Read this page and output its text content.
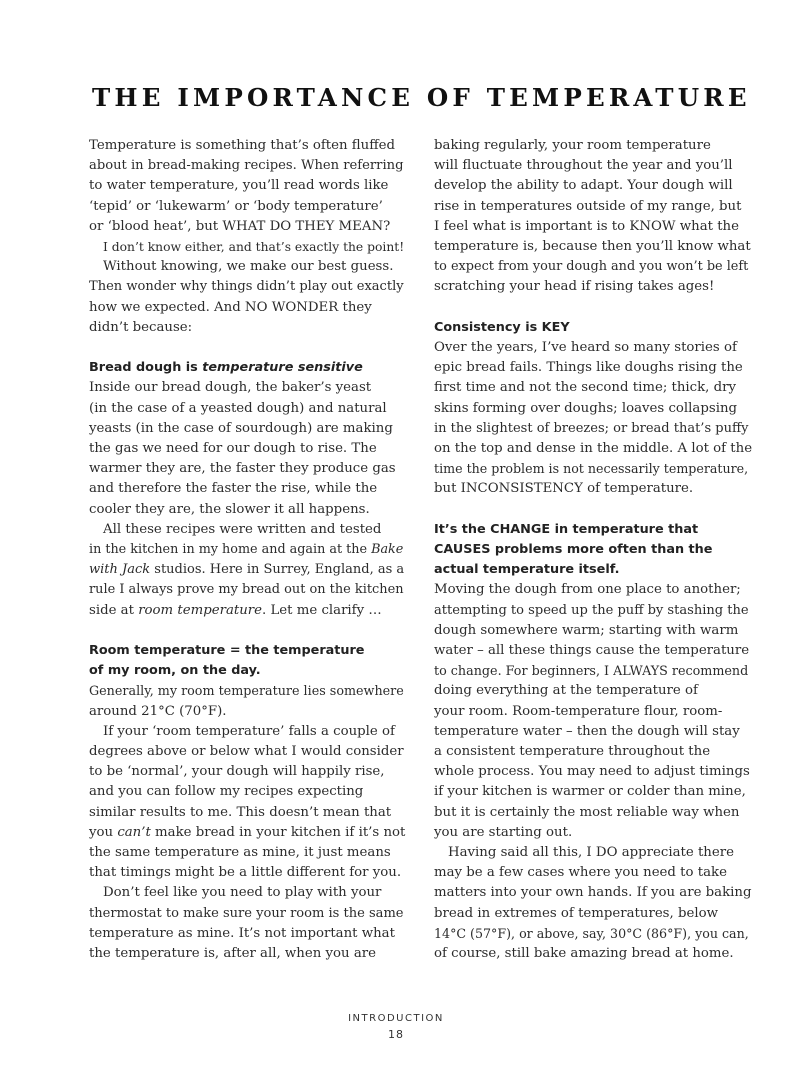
THE IMPORTANCE OF TEMPERATURE
Temperature is something that’s often fluffed
about in bread-making recipes. When referring
to water temperature, you’ll read words like
‘tepid’ or ‘lukewarm’ or ‘body temperature’
or ‘blood heat’, but WHAT DO THEY MEAN?
I don’t know either, and that’s exactly the point!
Without knowing, we make our best guess.
Then wonder why things didn’t play out exactly
how we expected. And NO WONDER they
didn’t because:
Bread dough is temperature sensitive
Inside our bread dough, the baker’s yeast
(in the case of a yeasted dough) and natural
yeasts (in the case of sourdough) are making
the gas we need for our dough to rise. The
warmer they are, the faster they produce gas
and therefore the faster the rise, while the
cooler they are, the slower it all happens.
All these recipes were written and tested
in the kitchen in my home and again at the Bake
with Jack studios. Here in Surrey, England, as a
rule I always prove my bread out on the kitchen
side at room temperature. Let me clarify …
Room temperature = the temperature
of my room, on the day.
Generally, my room temperature lies somewhere
around 21°C (70°F).
If your ‘room temperature’ falls a couple of
degrees above or below what I would consider
to be ‘normal’, your dough will happily rise,
and you can follow my recipes expecting
similar results to me. This doesn’t mean that
you can’t make bread in your kitchen if it’s not
the same temperature as mine, it just means
that timings might be a little different for you.
Don’t feel like you need to play with your
thermostat to make sure your room is the same
temperature as mine. It’s not important what
the temperature is, after all, when you are
baking regularly, your room temperature
will fluctuate throughout the year and you’ll
develop the ability to adapt. Your dough will
rise in temperatures outside of my range, but
I feel what is important is to KNOW what the
temperature is, because then you’ll know what
to expect from your dough and you won’t be left
scratching your head if rising takes ages!
Consistency is KEY
Over the years, I’ve heard so many stories of
epic bread fails. Things like doughs rising the
first time and not the second time; thick, dry
skins forming over doughs; loaves collapsing
in the slightest of breezes; or bread that’s puffy
on the top and dense in the middle. A lot of the
time the problem is not necessarily temperature,
but INCONSISTENCY of temperature.
It’s the CHANGE in temperature that
CAUSES problems more often than the
actual temperature itself.
Moving the dough from one place to another;
attempting to speed up the puff by stashing the
dough somewhere warm; starting with warm
water – all these things cause the temperature
to change. For beginners, I ALWAYS recommend
doing everything at the temperature of
your room. Room-temperature flour, room-
temperature water – then the dough will stay
a consistent temperature throughout the
whole process. You may need to adjust timings
if your kitchen is warmer or colder than mine,
but it is certainly the most reliable way when
you are starting out.
Having said all this, I DO appreciate there
may be a few cases where you need to take
matters into your own hands. If you are baking
bread in extremes of temperatures, below
14°C (57°F), or above, say, 30°C (86°F), you can,
of course, still bake amazing bread at home.
INTRODUCTION
18
